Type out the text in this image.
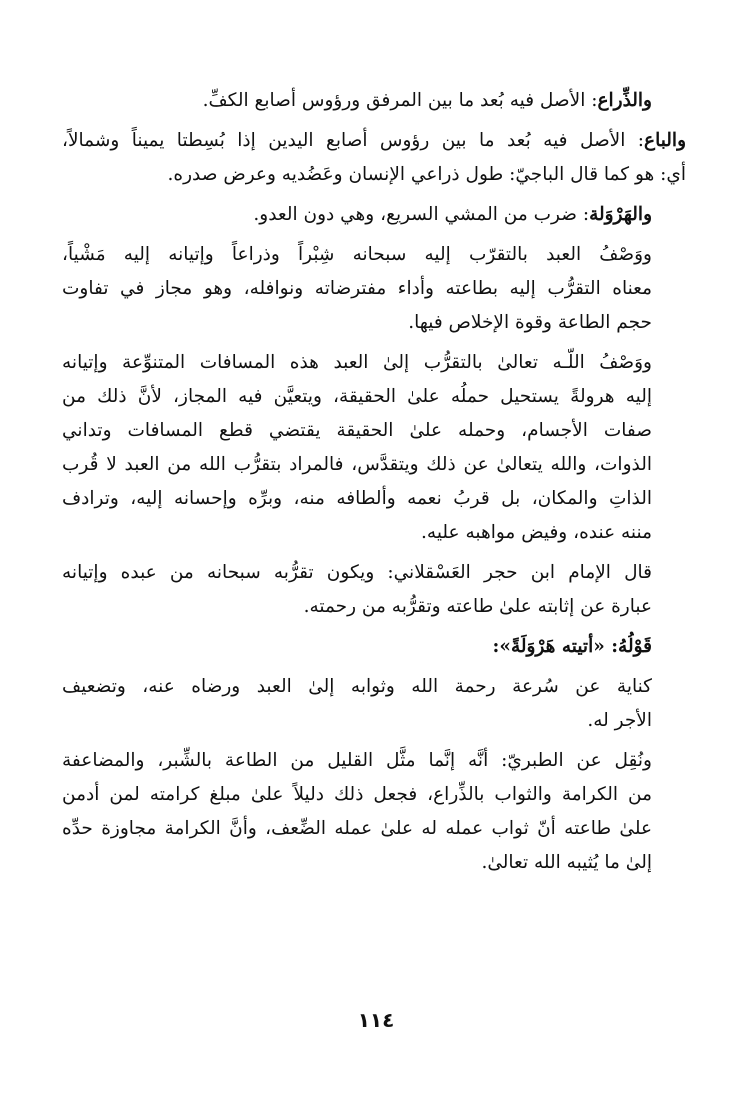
والذِّراع: الأصل فيه بُعد ما بين المرفق ورؤوس أصابع الكفِّ.

والباع: الأصل فيه بُعد ما بين رؤوس أصابع اليدين إذا بُسِطتا يميناً وشمالاً،
أي: هو كما قال الباجيّ: طول ذراعي الإنسان وعَضُديه وعرض صدره.

والهَرْوَلة: ضرب من المشي السريع، وهي دون العدو.

ووَصْفُ العبد بالتقرّب إليه سبحانه شِبْراً وذراعاً وإتيانه إليه مَشْياً،
معناه التقرُّب إليه بطاعته وأداء مفترضاته ونوافله، وهو مجاز في تفاوت
حجم الطاعة وقوة الإخلاص فيها.

ووَصْفُ اللّـه تعالىٰ بالتقرُّب إلىٰ العبد هذه المسافات المتنوِّعة وإتيانه
إليه هرولةً يستحيل حملُه علىٰ الحقيقة، ويتعيَّن فيه المجاز، لأنَّ ذلك من
صفات الأجسام، وحمله علىٰ الحقيقة يقتضي قطع المسافات وتداني
الذوات، والله يتعالىٰ عن ذلك ويتقدَّس، فالمراد بتقرُّب الله من العبد لا قُرب
الذاتِ والمكان، بل قربُ نعمه وألطافه منه، وبرِّه وإحسانه إليه، وترادف
مننه عنده، وفيض مواهبه عليه.

قال الإمام ابن حجر العَسْقلاني: ويكون تقرُّبه سبحانه من عبده وإتيانه
عبارة عن إثابته علىٰ طاعته وتقرُّبه من رحمته.

قَوْلُهُ: «أتيته هَرْوَلَةً»:

كناية عن سُرعة رحمة الله وثوابه إلىٰ العبد ورضاه عنه، وتضعيف
الأجر له.

ونُقِل عن الطبريّ: أنَّه إنَّما مثَّل القليل من الطاعة بالشِّبر، والمضاعفة
من الكرامة والثواب بالذِّراع، فجعل ذلك دليلاً علىٰ مبلغ كرامته لمن أدمن
علىٰ طاعته أنّ ثواب عمله له علىٰ عمله الضِّعف، وأنَّ الكرامة مجاوزة حدِّه
إلىٰ ما يُثيبه الله تعالىٰ.

١١٤
